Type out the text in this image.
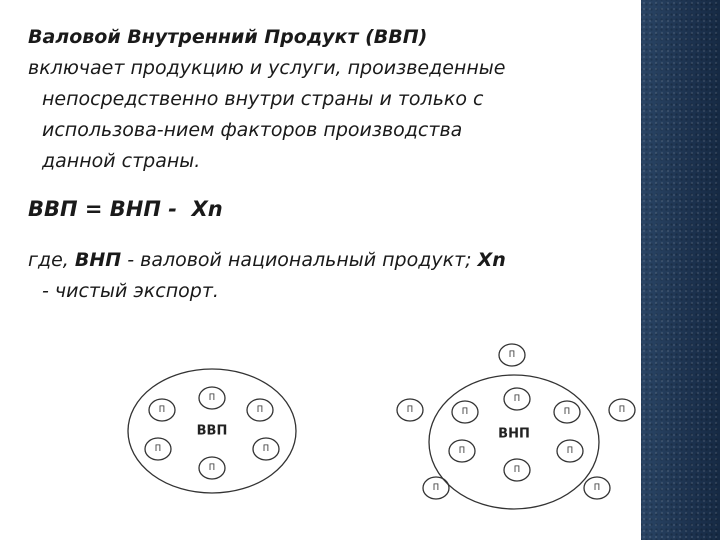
Валовой Внутренний Продукт (ВВП)

включает продукцию и услуги, произведенные

непосредственно внутри страны и только с

использова-нием факторов производства

данной страны.

ВВП = ВНП -  Хn

где, ВНП - валовой национальный продукт; Хn

- чистый экспорт.

П
П	П
П	П
П
П
П
П	П
П	П
П
П	П
П	П
ВВП	ВНП
